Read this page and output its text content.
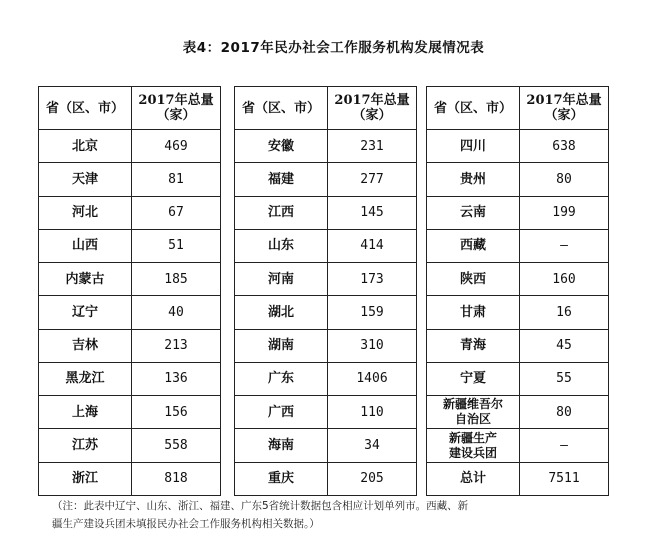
表4：2017年民办社会工作服务机构发展情况表
省（区、市）	2017年总量
（家）
北京	469
天津	81
河北	67
山西	51
内蒙古	185
辽宁	40
吉林	213
黑龙江	136
上海	156
江苏	558
浙江	818
省（区、市）	2017年总量
（家）
安徽	231
福建	277
江西	145
山东	414
河南	173
湖北	159
湖南	310
广东	1406
广西	110
海南	34
重庆	205
省（区、市）	2017年总量
（家）
四川	638
贵州	80
云南	199
西藏	–
陕西	160
甘肃	16
青海	45
宁夏	55
新疆维吾尔
自治区	80
新疆生产
建设兵团	–
总计	7511
（注：此表中辽宁、山东、浙江、福建、广东5省统计数据包含相应计划单列市。西藏、新
疆生产建设兵团未填报民办社会工作服务机构相关数据。）
